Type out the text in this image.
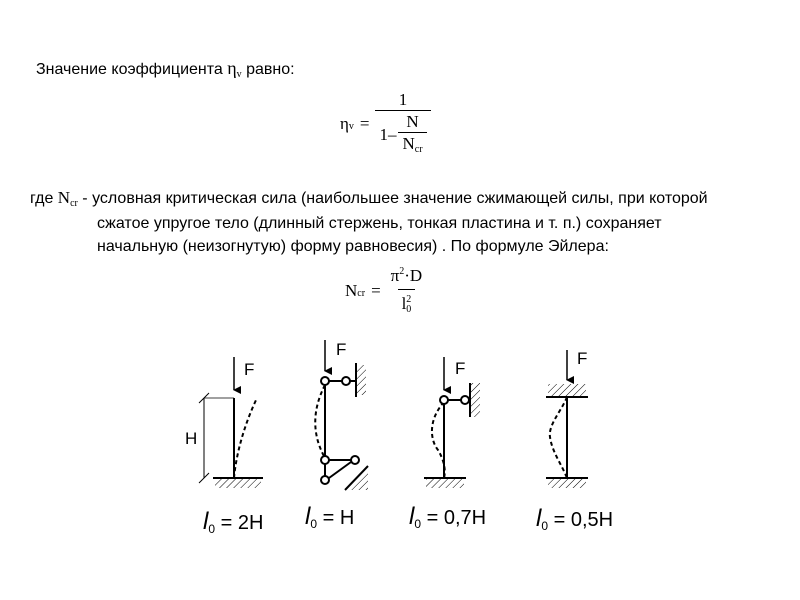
Значение коэффициента ηv равно:
η $v = \frac{1}{1 - \frac{N}{\text{Ncr}}}$
где Ncr - условная критическая сила (наибольшее значение сжимающей силы, при которой
сжатое упругое тело (длинный стержень, тонкая пластина и т. п.) сохраняет
начальную (неизогнутую) форму равновесия) . По формуле Эйлера:
N cr = $\pi^2\cdot D$
l 2
0
F
H
F
F
F
$l_0 = 2H$ $l_0 = H$ $l_0 = 0,7H$ $l_0 = 0,5H$
